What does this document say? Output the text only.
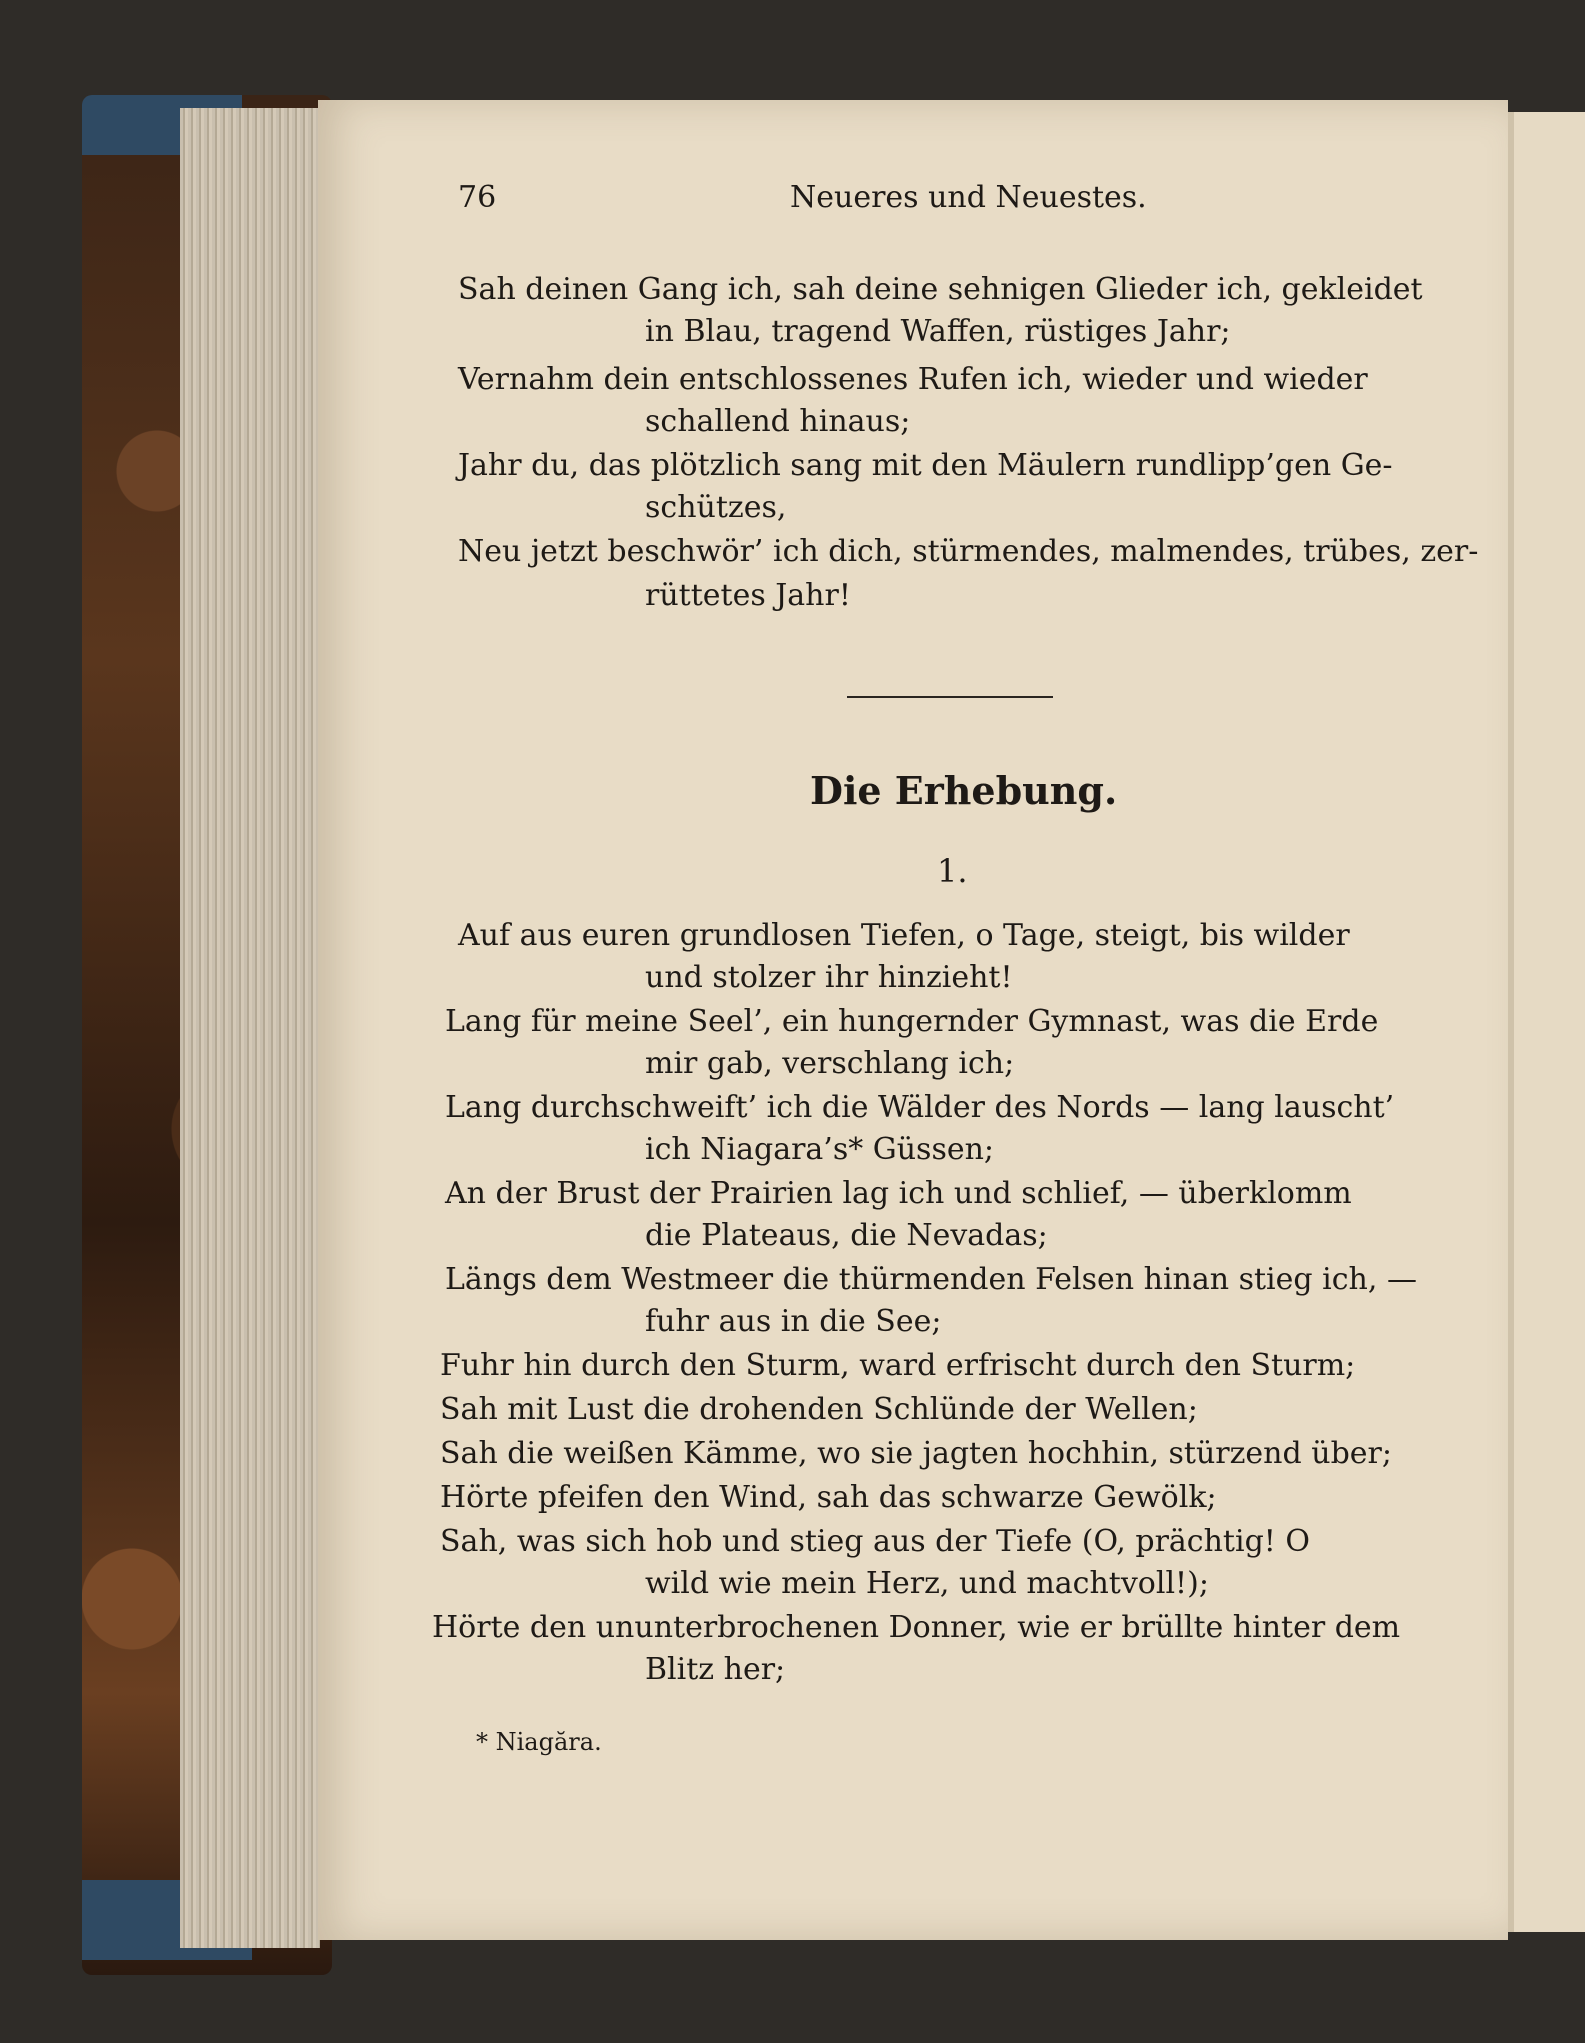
76	Neueres und Neuestes.
Sah deinen Gang ich, sah deine sehnigen Glieder ich, gekleidet
in Blau, tragend Waffen, rüstiges Jahr;
Vernahm dein entschlossenes Rufen ich, wieder und wieder
schallend hinaus;
Jahr du, das plötzlich sang mit den Mäulern rundlipp’gen Ge-
schützes,
Neu jetzt beschwör’ ich dich, stürmendes, malmendes, trübes, zer-
rüttetes Jahr!
Die Erhebung.
1.
Auf aus euren grundlosen Tiefen, o Tage, steigt, bis wilder
und stolzer ihr hinzieht!
Lang für meine Seel’, ein hungernder Gymnast, was die Erde
mir gab, verschlang ich;
Lang durchschweift’ ich die Wälder des Nords — lang lauscht’
ich Niagara’s* Güssen;
An der Brust der Prairien lag ich und schlief, — überklomm
die Plateaus, die Nevadas;
Längs dem Westmeer die thürmenden Felsen hinan stieg ich, —
fuhr aus in die See;
Fuhr hin durch den Sturm, ward erfrischt durch den Sturm;
Sah mit Lust die drohenden Schlünde der Wellen;
Sah die weißen Kämme, wo sie jagten hochhin, stürzend über;
Hörte pfeifen den Wind, sah das schwarze Gewölk;
Sah, was sich hob und stieg aus der Tiefe (O, prächtig! O
wild wie mein Herz, und machtvoll!);
Hörte den ununterbrochenen Donner, wie er brüllte hinter dem
Blitz her;
* Niagăra.
